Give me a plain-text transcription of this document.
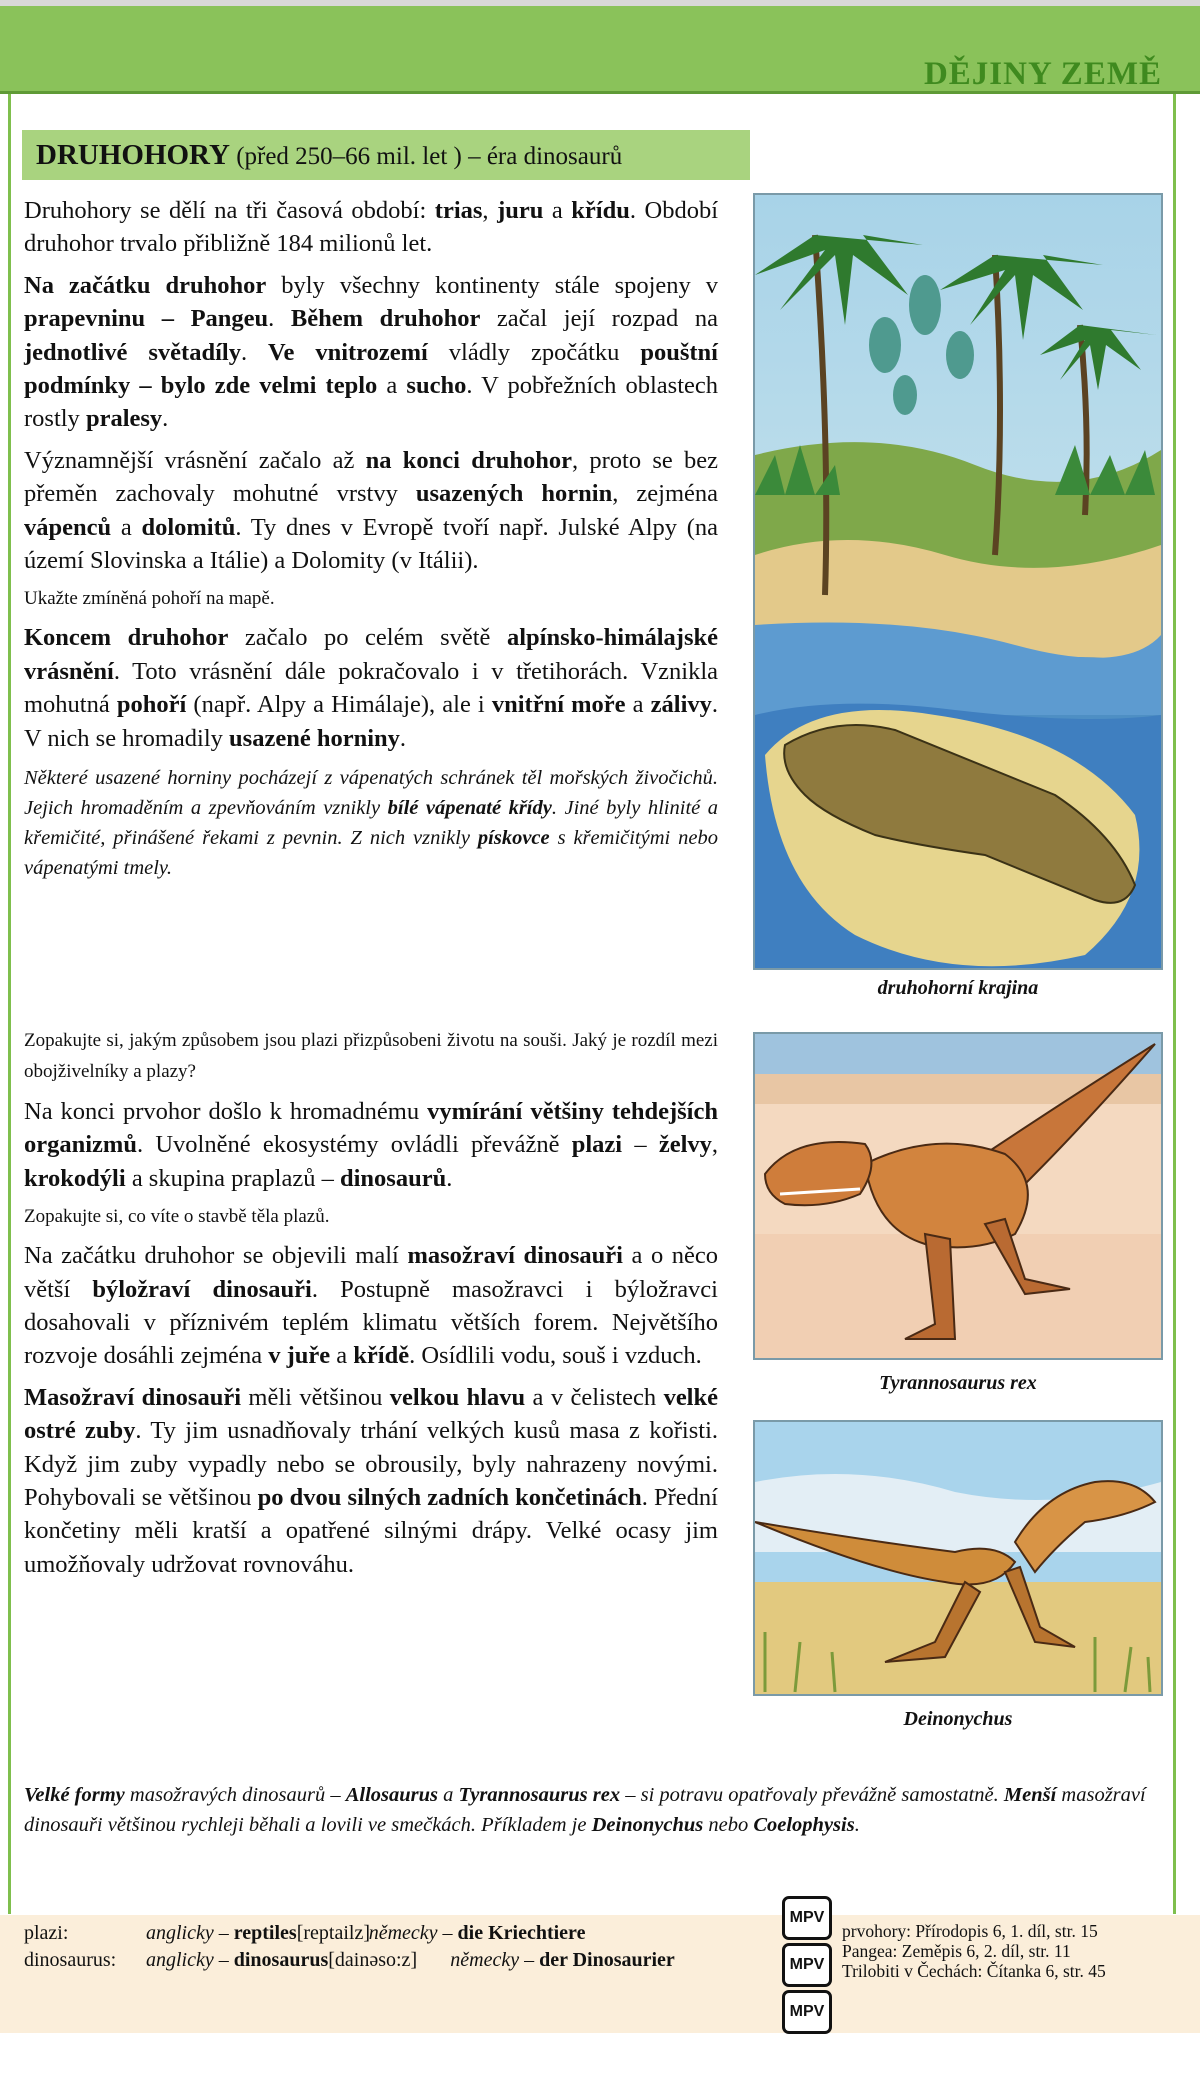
DĚJINY ZEMĚ
DRUHOHORY (před 250–66 mil. let ) – éra dinosaurů

Druhohory se dělí na tři časová období: trias, juru a křídu. Období druhohor trvalo přibližně 184 milionů let.

Na začátku druhohor byly všechny kontinenty stále spojeny v prapevninu – Pangeu. Během druhohor začal její rozpad na jednotlivé světadíly. Ve vnitrozemí vládly zpočátku pouštní podmínky – bylo zde velmi teplo a sucho. V pobřežních oblastech rostly pralesy.

Významnější vrásnění začalo až na konci druhohor, proto se bez přeměn zachovaly mohutné vrstvy usazených hornin, zejména vápenců a dolomitů. Ty dnes v Evropě tvoří např. Julské Alpy (na území Slovinska a Itálie) a Dolomity (v Itálii).

Ukažte zmíněná pohoří na mapě.

Koncem druhohor začalo po celém světě alpínsko-himálajské vrásnění. Toto vrásnění dále pokračovalo i v třetihorách. Vznikla mohutná pohoří (např. Alpy a Himálaje), ale i vnitřní moře a zálivy. V nich se hromadily usazené horniny.

Některé usazené horniny pocházejí z vápenatých schránek těl mořských živočichů. Jejich hromaděním a zpevňováním vznikly bílé vápenaté křídy. Jiné byly hlinité a křemičité, přinášené řekami z pevnin. Z nich vznikly pískovce s křemičitými nebo vápenatými tmely.

Zopakujte si, jakým způsobem jsou plazi přizpůsobeni životu na souši. Jaký je rozdíl mezi obojživelníky a plazy?

Na konci prvohor došlo k hromadnému vymírání většiny tehdejších organizmů. Uvolněné ekosystémy ovládli převážně plazi – želvy, krokodýli a skupina praplazů – dinosaurů.

Zopakujte si, co víte o stavbě těla plazů.

Na začátku druhohor se objevili malí masožraví dinosauři a o něco větší býložraví dinosauři. Postupně masožravci i býložravci dosahovali v příznivém teplém klimatu větších forem. Největšího rozvoje dosáhli zejména v juře a křídě. Osídlili vodu, souš i vzduch.

Masožraví dinosauři měli většinou velkou hlavu a v čelistech velké ostré zuby. Ty jim usnadňovaly trhání velkých kusů masa z kořisti. Když jim zuby vypadly nebo se obrousily, byly nahrazeny novými. Pohybovali se většinou po dvou silných zadních končetinách. Přední končetiny měli kratší a opatřené silnými drápy. Velké ocasy jim umožňovaly udržovat rovnováhu.

druhohorní krajina
Tyrannosaurus rex
Deinonychus
Velké formy masožravých dinosaurů – Allosaurus a Tyrannosaurus rex – si potravu opatřovaly převážně samostatně. Menší masožraví dinosauři většinou rychleji běhali a lovili ve smečkách. Příkladem je Deinonychus nebo Coelophysis.
plazi:	anglicky – reptiles[reptailz]německy – die Kriechtiere
dinosaurus: anglicky – dinosaurus[dainəso:z] německy – der Dinosaurier
MPV
MPV
MPV
prvohory: Přírodopis 6, 1. díl, str. 15
Pangea: Zeměpis 6, 2. díl, str. 11
Trilobiti v Čechách: Čítanka 6, str. 45
